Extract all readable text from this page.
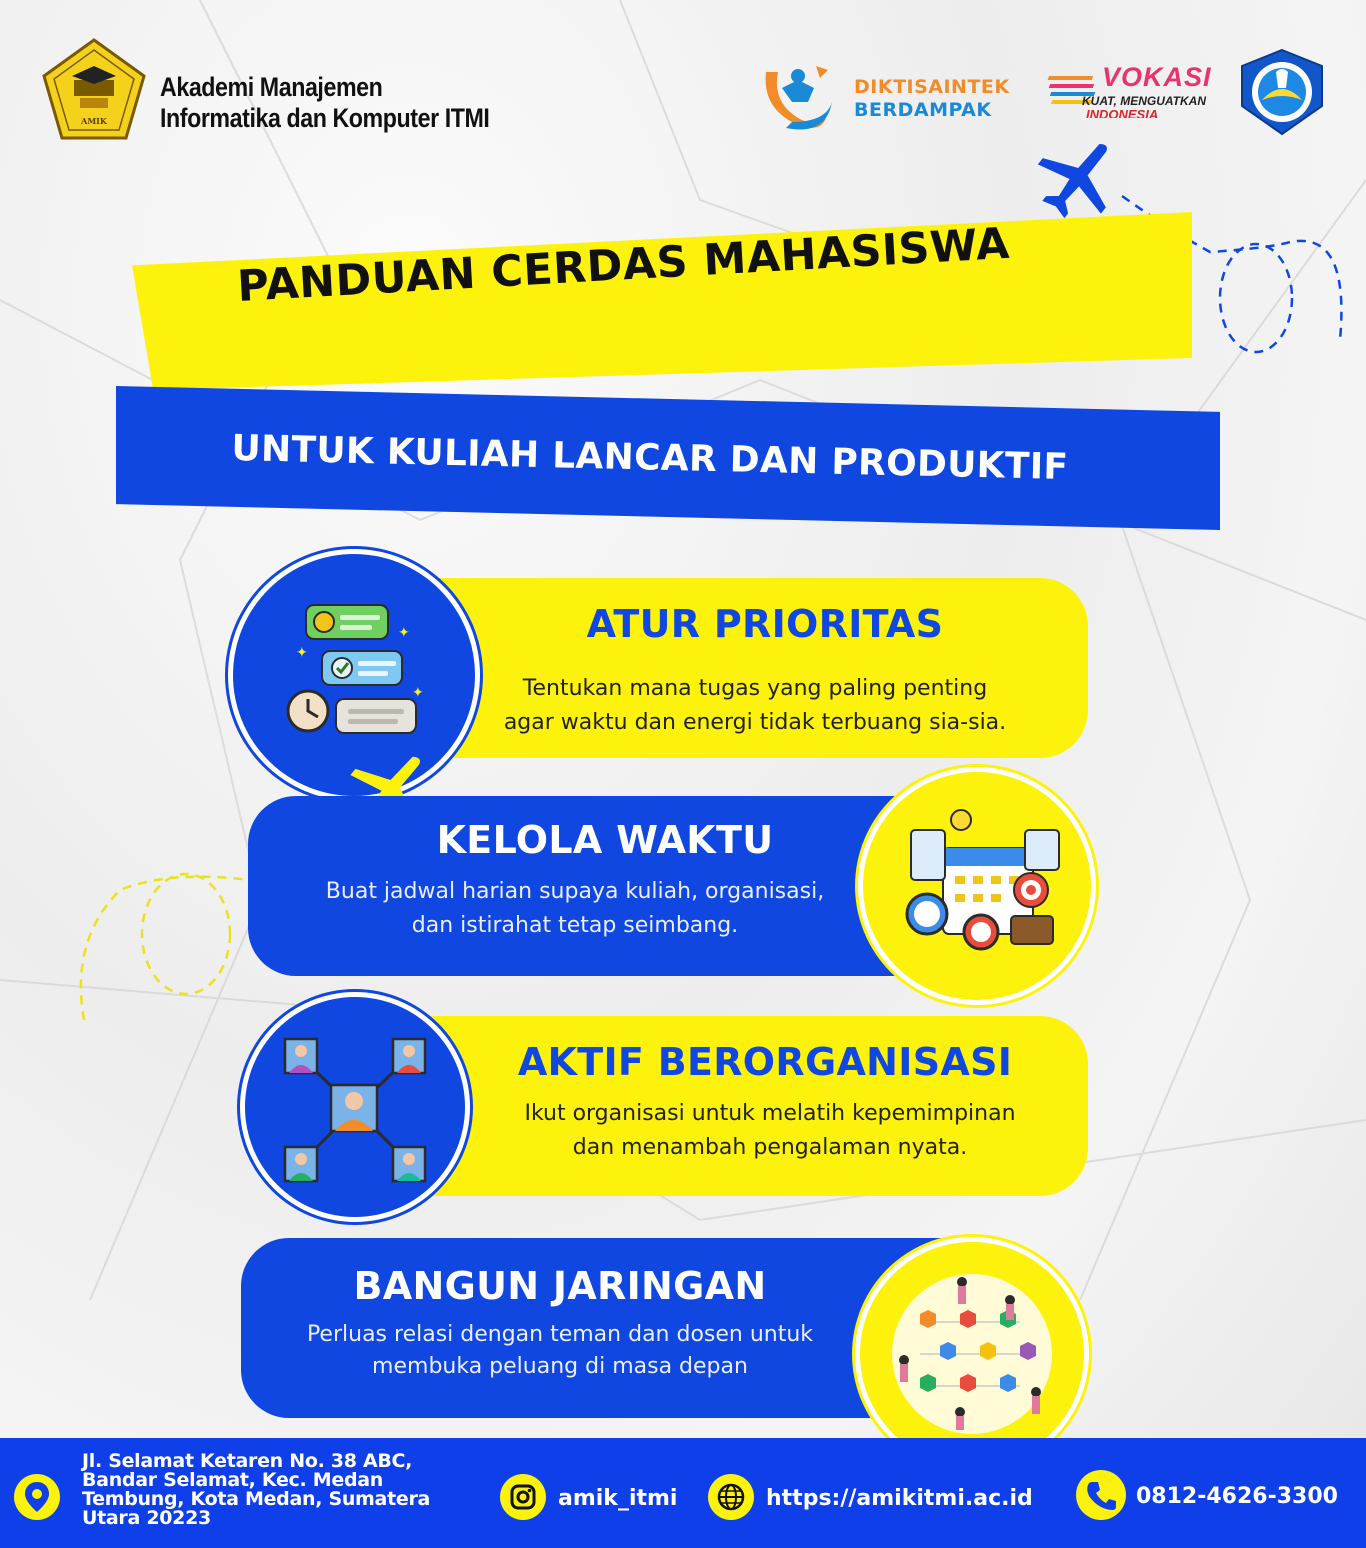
AMIK
Akademi Manajemen
Informatika dan Komputer ITMI
DIKTISAINTEK
BERDAMPAK
VOKASI
KUAT, MENGUATKAN
INDONESIA
PANDUAN CERDAS MAHASISWA
UNTUK KULIAH LANCAR DAN PRODUKTIF
ATUR PRIORITAS
Tentukan mana tugas yang paling penting
agar waktu dan energi tidak terbuang sia-sia.
✦
✦
✦
KELOLA WAKTU
Buat jadwal harian supaya kuliah, organisasi,
dan istirahat tetap seimbang.
AKTIF BERORGANISASI
Ikut organisasi untuk melatih kepemimpinan
dan menambah pengalaman nyata.
BANGUN JARINGAN
Perluas relasi dengan teman dan dosen untuk
membuka peluang di masa depan
Jl. Selamat Ketaren No. 38 ABC,
Bandar Selamat, Kec. Medan
Tembung, Kota Medan, Sumatera
Utara 20223
amik_itmi	https://amikitmi.ac.id	0812-4626-3300
